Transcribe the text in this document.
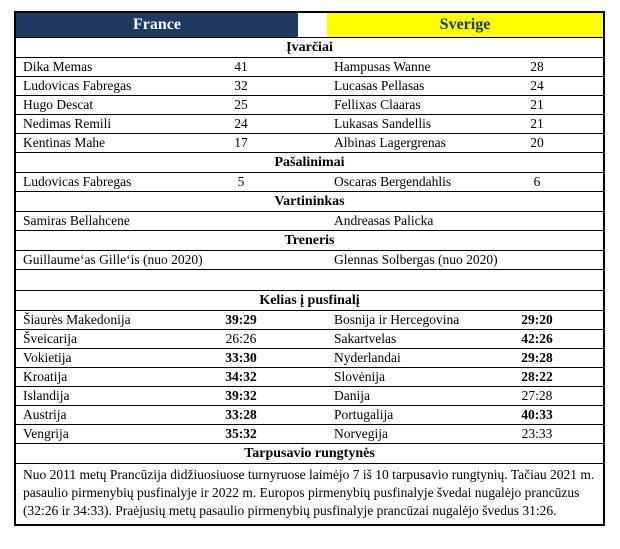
France	Sverige
Įvarčiai
Dika Memas	41	Hampusas Wanne	28
Ludovicas Fabregas	32	Lucasas Pellasas	24
Hugo Descat	25	Fellixas Claaras	21
Nedimas Remili	24	Lukasas Sandellis	21
Kentinas Mahe	17	Albinas Lagergrenas	20
Pašalinimai
Ludovicas Fabregas	5	Oscaras Bergendahlis	6
Vartininkas
Samiras Bellahcene	Andreasas Palicka
Treneris
Guillaume‘as Gille‘is (nuo 2020)	Glennas Solbergas (nuo 2020)
Kelias į pusfinalį
Šiaurės Makedonija	39:29	Bosnija ir Hercegovina	29:20
Šveicarija	26:26	Sakartvelas	42:26
Vokietija	33:30	Nyderlandai	29:28
Kroatija	34:32	Slovėnija	28:22
Islandija	39:32	Danija	27:28
Austrija	33:28	Portugalija	40:33
Vengrija	35:32	Norvegija	23:33
Tarpusavio rungtynės
Nuo 2011 metų Prancūzija didžiuosiuose turnyruose laimėjo 7 iš 10 tarpusavio rungtynių. Tačiau 2021 m. pasaulio pirmenybių pusfinalyje ir 2022 m. Europos pirmenybių pusfinalyje švedai nugalėjo prancūzus (32:26 ir 34:33). Praėjusių metų pasaulio pirmenybių pusfinalyje prancūzai nugalėjo švedus 31:26.
